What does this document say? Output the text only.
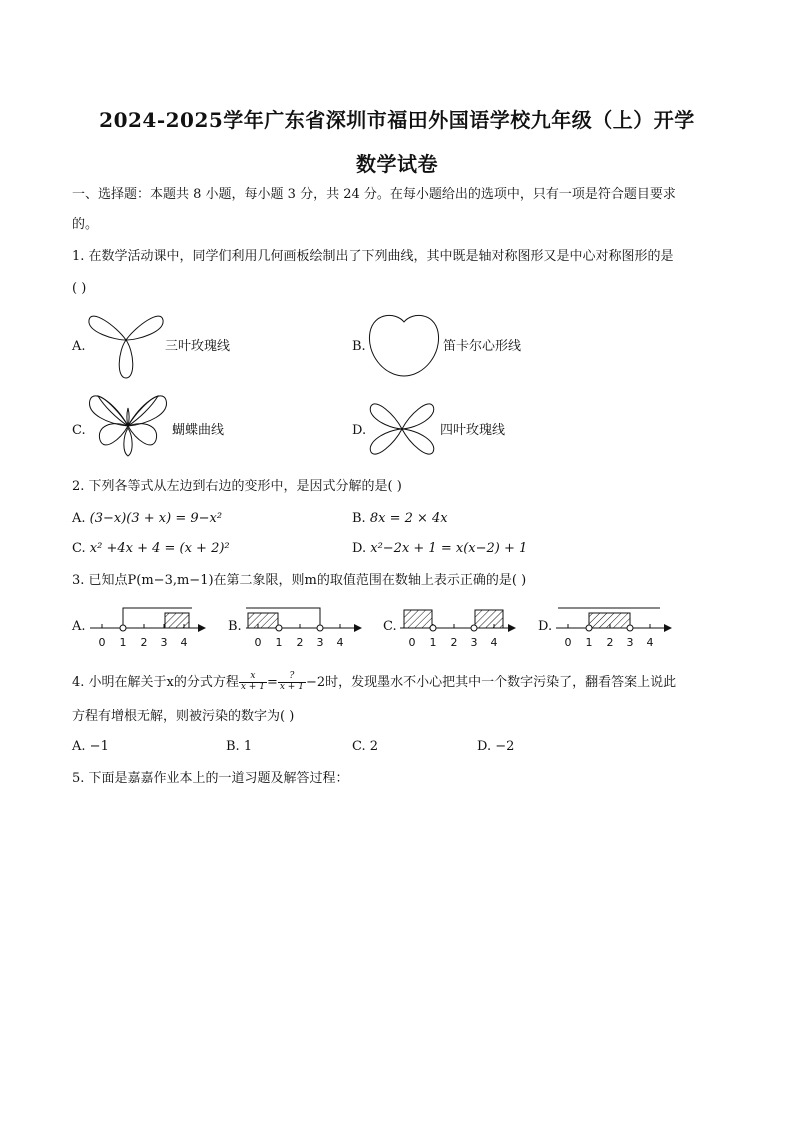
2024-2025学年广东省深圳市福田外国语学校九年级（上）开学
数学试卷
一、选择题：本题共 8 小题，每小题 3 分，共 24 分。在每小题给出的选项中，只有一项是符合题目要求
的。
1. 在数学活动课中，同学们利用几何画板绘制出了下列曲线，其中既是轴对称图形又是中心对称图形的是
( )
A.	三叶玫瑰线	B.	笛卡尔心形线
C.	蝴蝶曲线	D.	四叶玫瑰线
2. 下列各等式从左边到右边的变形中，是因式分解的是( )
A. (3−x)(3 + x) = 9−x²	B. 8x = 2 × 4x
C. x² +4x + 4 = (x + 2)²	D. x²−2x + 1 = x(x−2) + 1
3. 已知点P(m−3,m−1)在第二象限，则m的取值范围在数轴上表示正确的是( )
A.
0 1 2 3 4
B.
0 1 2 3 4
C.
0 1 2 3 4
D.
0 1 2 3 4
4. 小明在解关于x的分式方程 $\frac{x}{x + 1} = \frac{?}{x + 1} -2$时，发现墨水不小心把其中一个数字污染了，翻看答案上说此
方程有增根无解，则被污染的数字为( )
A. −1	B. 1	C. 2	D. −2
5. 下面是嘉嘉作业本上的一道习题及解答过程：
